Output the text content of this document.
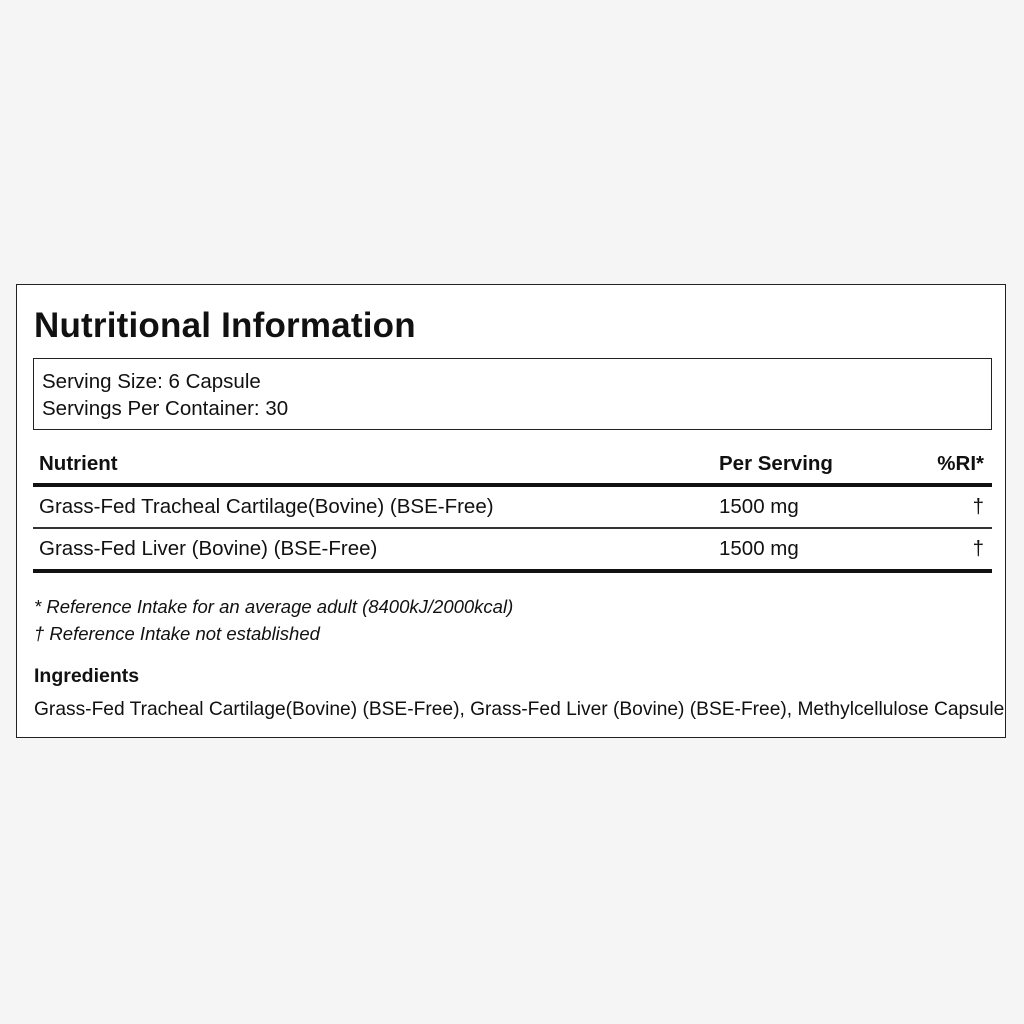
Nutritional Information
Serving Size: 6 Capsule
Servings Per Container: 30
Nutrient	Per Serving	%RI*
Grass-Fed Tracheal Cartilage(Bovine) (BSE-Free)	1500 mg	†
Grass-Fed Liver (Bovine) (BSE-Free)	1500 mg	†
* Reference Intake for an average adult (8400kJ/2000kcal)
† Reference Intake not established
Ingredients
Grass-Fed Tracheal Cartilage(Bovine) (BSE-Free), Grass-Fed Liver (Bovine) (BSE-Free), Methylcellulose Capsule
